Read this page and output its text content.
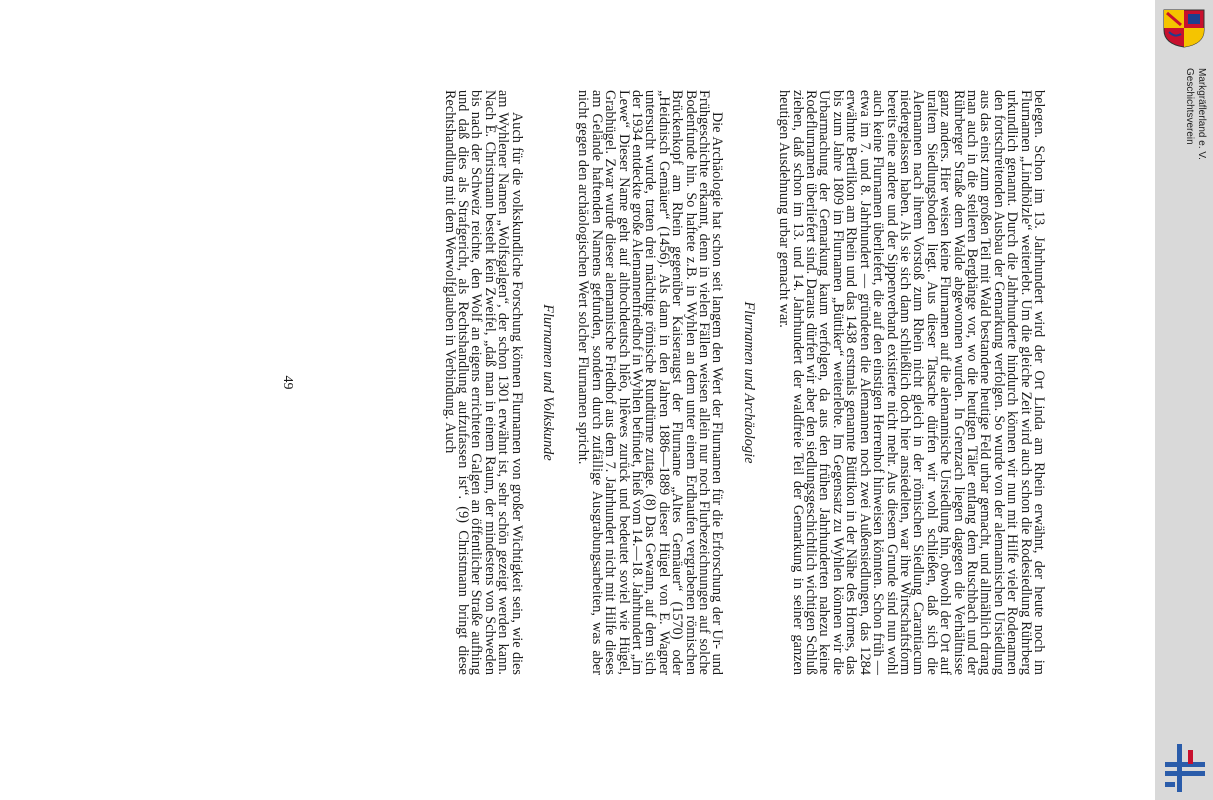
belegen. Schon im 13. Jahrhundert wird der Ort Linda am Rhein erwähnt, der heute noch im Flurnamen „Lindhölzle“ weiterlebt. Um die gleiche Zeit wird auch schon die Rodesiedlung Rührberg urkundlich genannt. Durch die Jahrhunderte hindurch können wir nun mit Hilfe vieler Rodenamen den fortschreitenden Ausbau der Gemarkung verfolgen. So wurde von der alemannischen Ursiedlung aus das einst zum großen Teil mit Wald bestandene heutige Feld urbar gemacht, und allmählich drang man auch in die steileren Berghänge vor, wo die heutigen Täler entlang dem Ruschbach und der Rührberger Straße dem Walde abgewonnen wurden. In Grenzach liegen dagegen die Verhältnisse ganz anders. Hier weisen keine Flurnamen auf die alemannische Ursiedlung hin, obwohl der Ort auf uraltem Siedlungsboden liegt. Aus dieser Tatsache dürfen wir wohl schließen, daß sich die Alemannen nach ihrem Vorstoß zum Rhein nicht gleich in der römischen Siedlung Carantiacum niedergelassen haben. Als sie sich dann schließlich doch hier ansiedelten, war ihre Wirtschaftsform bereits eine andere und der Sippenverband existierte nicht mehr. Aus diesem Grunde sind nun wohl auch keine Flurnamen überliefert, die auf den einstigen Herrenhof hinweisen könnten. Schon früh — etwa im 7. und 8. Jahrhundert — gründeten die Alemannen noch zwei Außensiedlungen, das 1284 erwähnte Bertlikon am Rhein und das 1438 erstmals genannte Büttikon in der Nähe des Hornes, das bis zum Jahre 1809 im Flurnamen „Büttiker“ weiterlebte. Im Gegensatz zu Wyhlen können wir die Urbarmachung der Gemarkung kaum verfolgen, da aus den frühen Jahrhunderten nahezu keine Rodeflurnamen überliefert sind. Daraus dürfen wir aber den siedlungsgeschichtlich wichtigen Schluß ziehen, daß schon im 13. und 14. Jahrhundert der waldfreie Teil der Gemarkung in seiner ganzen heutigen Ausdehnung urbar gemacht war.

Flurnamen und Archäologie

Die Archäologie hat schon seit langem den Wert der Flurnamen für die Erforschung der Ur- und Frühgeschichte erkannt, denn in vielen Fällen weisen allein nur noch Flurbezeichnungen auf solche Bodenfunde hin. So haftete z.B. in Wyhlen an dem unter einem Erdhaufen vergrabenen römischen Brückenkopf am Rhein gegenüber Kaiseraugst der Flurname „Altes Gemäuer“ (1570) oder „Heidnisch Gemäuer“ (1456). Als dann in den Jahren 1886—1889 dieser Hügel von E. Wagner untersucht wurde, traten drei mächtige römische Rundtürme zutage. (8) Das Gewann, auf dem sich der 1934 entdeckte große Alemannenfriedhof in Wyhlen befindet, hieß vom 14.—18. Jahrhundert „im Lewe“ Dieser Name geht auf althochdeutsch hlêo, hlêwes zurück und bedeutet soviel wie Hügel, Grabhügel. Zwar wurde dieser alemannische Friedhof aus dem 7. Jahrhundert nicht mit Hilfe dieses am Gelände haftenden Namens gefunden, sondern durch zufällige Ausgrabungsarbeiten, was aber nicht gegen den archäologischen Wert solcher Flurnamen spricht.

Flurnamen und Volkskunde

Auch für die volkskundliche Forschung können Flurnamen von großer Wichtigkeit sein, wie dies am Wyhlener Namen „Wolfsgalgen“, der schon 1301 erwähnt ist, sehr schön gezeigt werden kann. Nach E. Christmann besteht kein Zweifel, „daß man in einem Raum, der mindestens von Schweden bis nach der Schweiz reichte, den Wolf an eigens errichteten Galgen an öffentlicher Straße aufhing und daß dies als Strafgericht, als Rechtshandlung aufzufassen ist“. (9) Christmann bringt diese Rechtshandlung mit dem Werwolfglauben in Verbindung. Auch

49
Geschichtsverein Markgräflerland e. V.
